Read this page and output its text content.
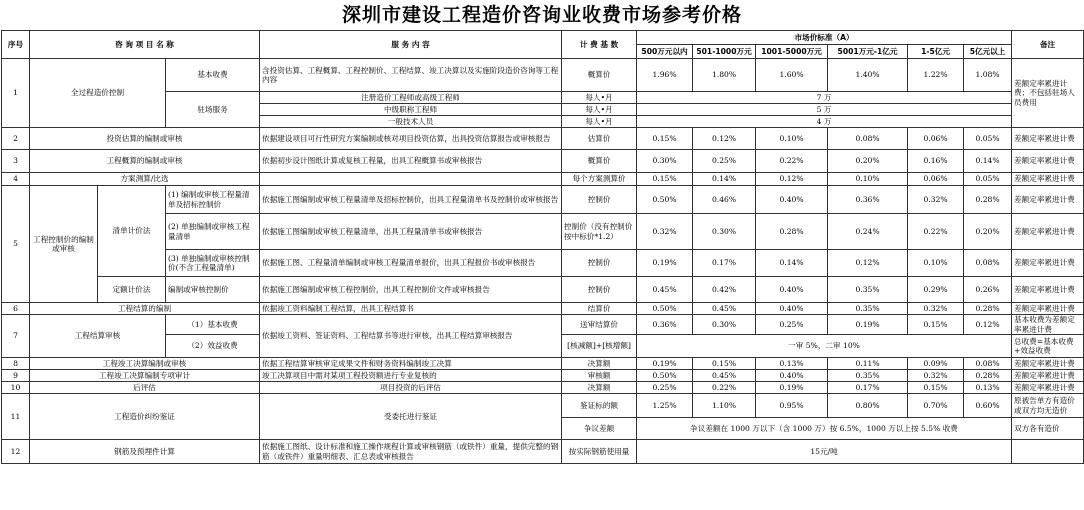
深圳市建设工程造价咨询业收费市场参考价格
序号	咨 询 项 目 名 称			服 务 内 容	计 费 基 数	市场价标准（A）						备注
						500万元以内	501-1000万元	1001-5000万元	5001万元-1亿元	1-5亿元	5亿元以上	
1	全过程造价控制		基本收费	含投资估算、工程概算、工程控制价、工程结算、竣工决算以及实施阶段造价咨询等工程内容	概算价	1.96%	1.80%	1.60%	1.40%	1.22%	1.08%	差额定率累进计费；不包括驻场人员费用
			驻场服务	注册造价工程师或高级工程师	每人•月	7 万						
				中级职称工程师	每人•月	5 万						
				一般技术人员	每人•月	4 万						
2	投资估算的编制或审核			依据建设项目可行性研究方案编制或核对项目投资估算，出具投资估算报告或审核报告	估算价	0.15%	0.12%	0.10%	0.08%	0.06%	0.05%	差额定率累进计费
3	工程概算的编制或审核			依据初步设计图纸计算或复核工程量，出具工程概算书或审核报告	概算价	0.30%	0.25%	0.22%	0.20%	0.16%	0.14%	差额定率累进计费
4	方案测算/比选				每个方案测算价	0.15%	0.14%	0.12%	0.10%	0.06%	0.05%	差额定率累进计费
5	工程控制价的编制或审核	清单计价法	(1) 编制或审核工程量清单及招标控制价	依据施工图编制或审核工程量清单及招标控制价，出具工程量清单书及控制价或审核报告	控制价	0.50%	0.46%	0.40%	0.36%	0.32%	0.28%	差额定率累进计费
			(2) 单独编制或审核工程量清单	依据施工图编制或审核工程量清单，出具工程量清单书或审核报告	控制价（没有控制价按中标价*1.2）	0.32%	0.30%	0.28%	0.24%	0.22%	0.20%	差额定率累进计费
			(3) 单独编制或审核控制价(不含工程量清单)	依据施工图、工程量清单编制或审核工程量清单报价，出具工程报价书或审核报告	控制价	0.19%	0.17%	0.14%	0.12%	0.10%	0.08%	差额定率累进计费
		定额计价法	编制或审核控制价	依据施工图编制或审核工程控制价，出具工程控制价文件或审核报告	控制价	0.45%	0.42%	0.40%	0.35%	0.29%	0.26%	差额定率累进计费
6	工程结算的编制			依据竣工资料编制工程结算，出具工程结算书	结算价	0.50%	0.45%	0.40%	0.35%	0.32%	0.28%	差额定率累进计费
7	工程结算审核		（1）基本收费	依据竣工资料、签证资料、工程结算书等进行审核，出具工程结算审核报告	送审结算价	0.36%	0.30%	0.25%	0.19%	0.15%	0.12%	基本收费为差额定率累进计费
			（2）效益收费		[核减额]+[核增额]	一审 5%，二审 10%						总收费=基本收费+效益收费
8	工程竣工决算编制或审核			依据工程结算审核审定成果文件和财务资料编制竣工决算	决算额	0.19%	0.15%	0.13%	0.11%	0.09%	0.08%	差额定率累进计费
9	工程竣工决算编制专项审计			竣工决算项目中需对某项工程投资额进行专业复核的	审核额	0.50%	0.45%	0.40%	0.35%	0.32%	0.28%	差额定率累进计费
10	后评估			项目投资的后评估	决算额	0.25%	0.22%	0.19%	0.17%	0.15%	0.13%	差额定率累进计费
11	工程造价纠纷鉴证			受委托进行鉴证	鉴证标的额	1.25%	1.10%	0.95%	0.80%	0.70%	0.60%	原被告单方有造价或双方均无造价
					争议差额	争议差额在 1000 万以下（含 1000 万）按 6.5%，1000 万以上按 5.5% 收费						双方各有造价
12	钢筋及预埋件计算			依据施工图纸、设计标准和施工操作规程计算或审核钢筋（或铁件）重量，提供完整的钢筋（或铁件）重量明细表、汇总表或审核报告	按实际钢筋使用量	15元/吨						
